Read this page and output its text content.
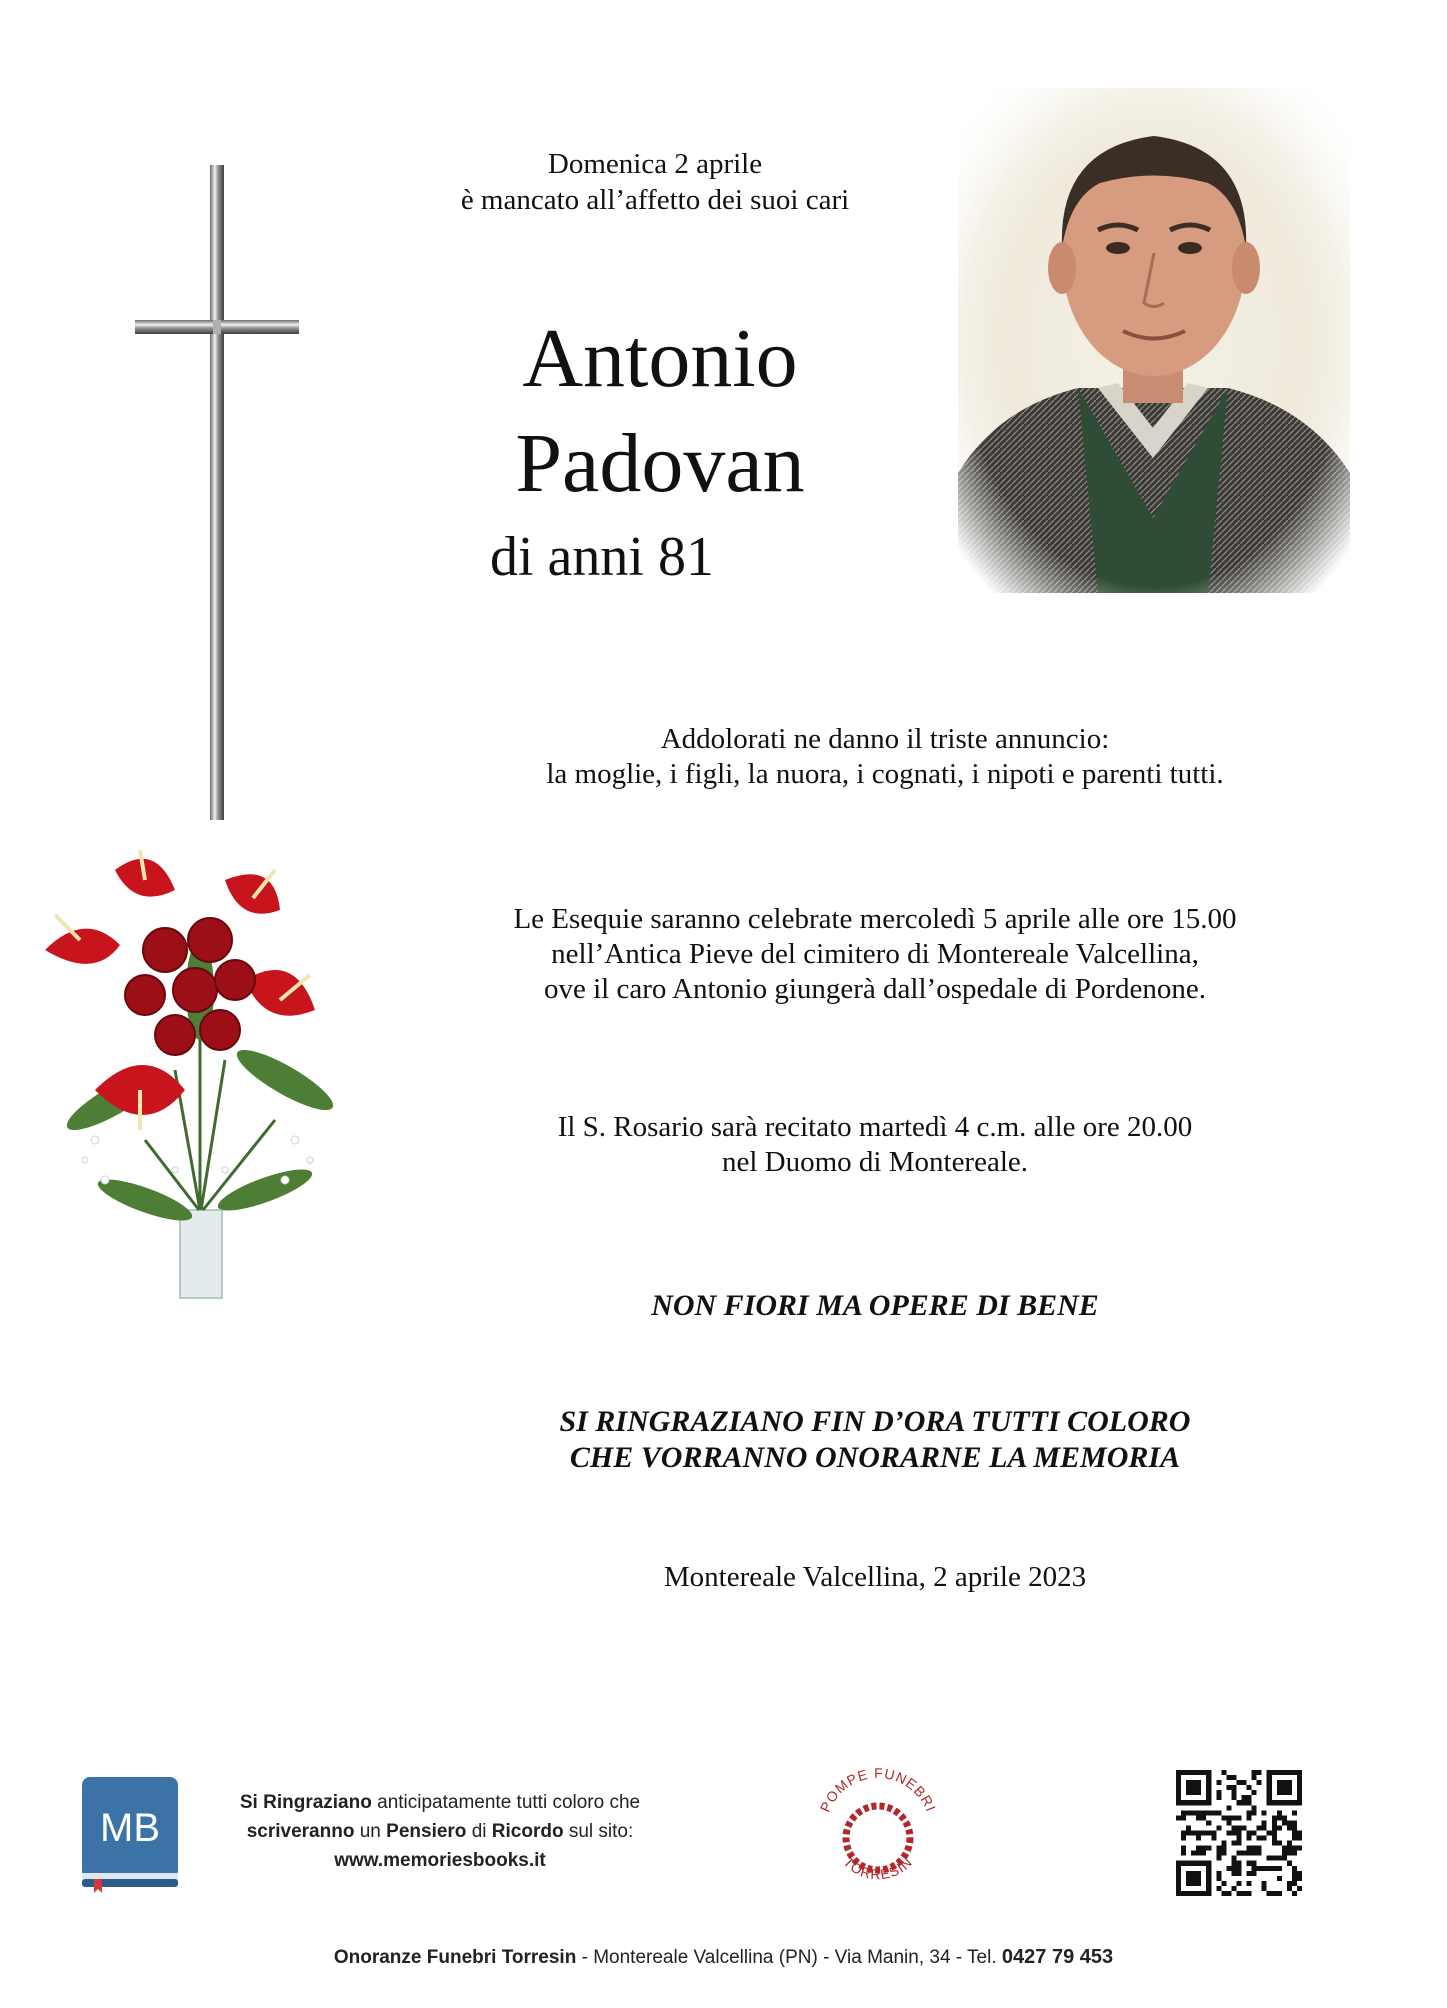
Domenica 2 aprile
è mancato all’affetto dei suoi cari
Antonio
Padovan
di anni 81
Addolorati ne danno il triste annuncio:
la moglie, i figli, la nuora, i cognati, i nipoti e parenti tutti.
Le Esequie saranno celebrate mercoledì 5 aprile alle ore 15.00
nell’Antica Pieve del cimitero di Montereale Valcellina,
ove il caro Antonio giungerà dall’ospedale di Pordenone.
Il S. Rosario sarà recitato martedì 4 c.m. alle ore 20.00
nel Duomo di Montereale.
NON FIORI MA OPERE DI BENE
SI RINGRAZIANO FIN D’ORA TUTTI COLORO
CHE VORRANNO ONORARNE LA MEMORIA
Montereale Valcellina, 2 aprile 2023
MB
Si Ringraziano anticipatamente tutti coloro che
scriveranno un Pensiero di Ricordo sul sito:
www.memoriesbooks.it
POMPE FUNEBRI
TORRESIN
Onoranze Funebri Torresin - Montereale Valcellina (PN) - Via Manin, 34 - Tel. 0427 79 453
